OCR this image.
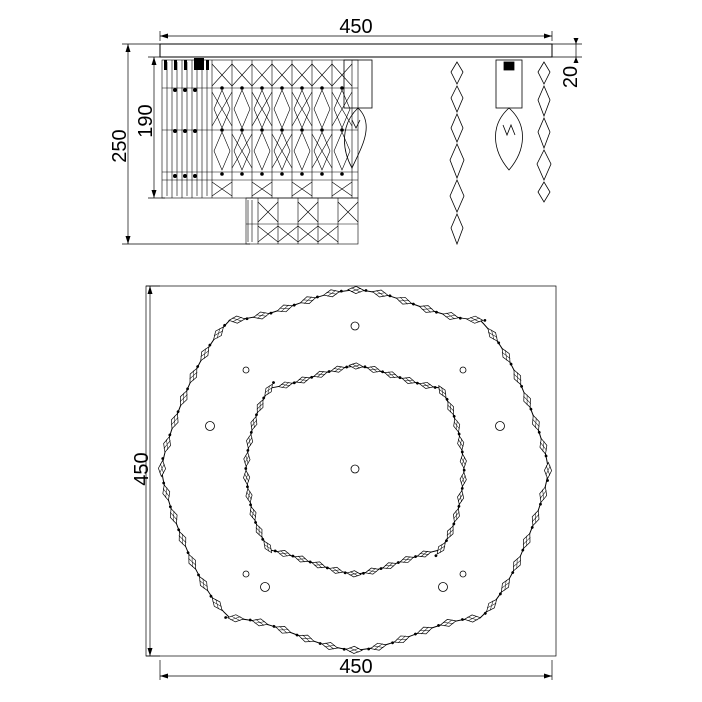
450
20
250
190
450
450
